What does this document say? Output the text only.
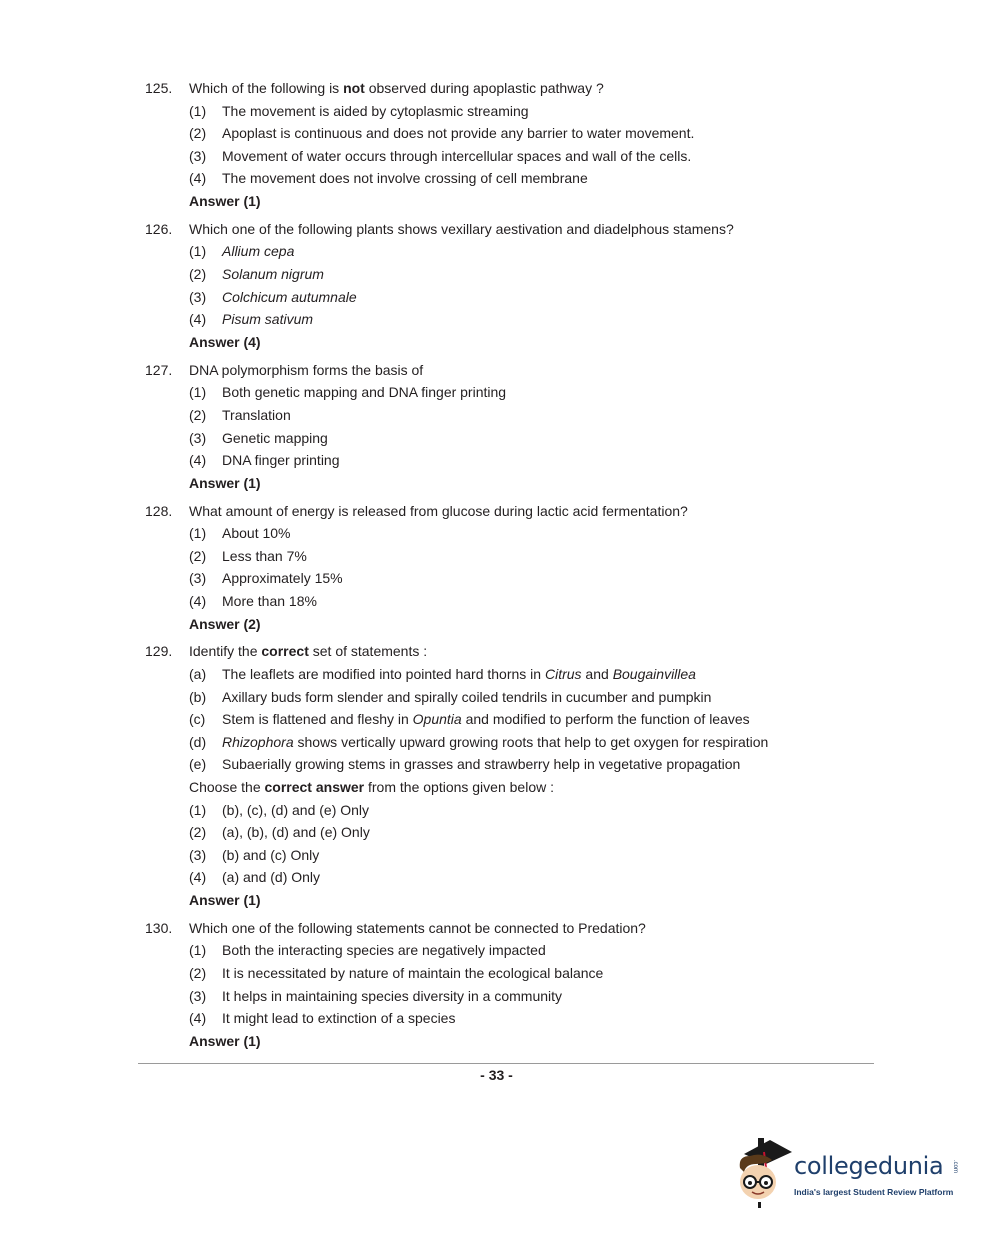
125. Which of the following is not observed during apoplastic pathway ?
(1) The movement is aided by cytoplasmic streaming
(2) Apoplast is continuous and does not provide any barrier to water movement.
(3) Movement of water occurs through intercellular spaces and wall of the cells.
(4) The movement does not involve crossing of cell membrane
Answer (1)
126. Which one of the following plants shows vexillary aestivation and diadelphous stamens?
(1) Allium cepa
(2) Solanum nigrum
(3) Colchicum autumnale
(4) Pisum sativum
Answer (4)
127. DNA polymorphism forms the basis of
(1) Both genetic mapping and DNA finger printing
(2) Translation
(3) Genetic mapping
(4) DNA finger printing
Answer (1)
128. What amount of energy is released from glucose during lactic acid fermentation?
(1) About 10%
(2) Less than 7%
(3) Approximately 15%
(4) More than 18%
Answer (2)
129. Identify the correct set of statements :
(a) The leaflets are modified into pointed hard thorns in Citrus and Bougainvillea
(b) Axillary buds form slender and spirally coiled tendrils in cucumber and pumpkin
(c) Stem is flattened and fleshy in Opuntia and modified to perform the function of leaves
(d) Rhizophora shows vertically upward growing roots that help to get oxygen for respiration
(e) Subaerially growing stems in grasses and strawberry help in vegetative propagation
Choose the correct answer from the options given below :
(1) (b), (c), (d) and (e) Only
(2) (a), (b), (d) and (e) Only
(3) (b) and (c) Only
(4) (a) and (d) Only
Answer (1)
130. Which one of the following statements cannot be connected to Predation?
(1) Both the interacting species are negatively impacted
(2) It is necessitated by nature of maintain the ecological balance
(3) It helps in maintaining species diversity in a community
(4) It might lead to extinction of a species
Answer (1)
- 33 -
collegedunia .com
India's largest Student Review Platform
